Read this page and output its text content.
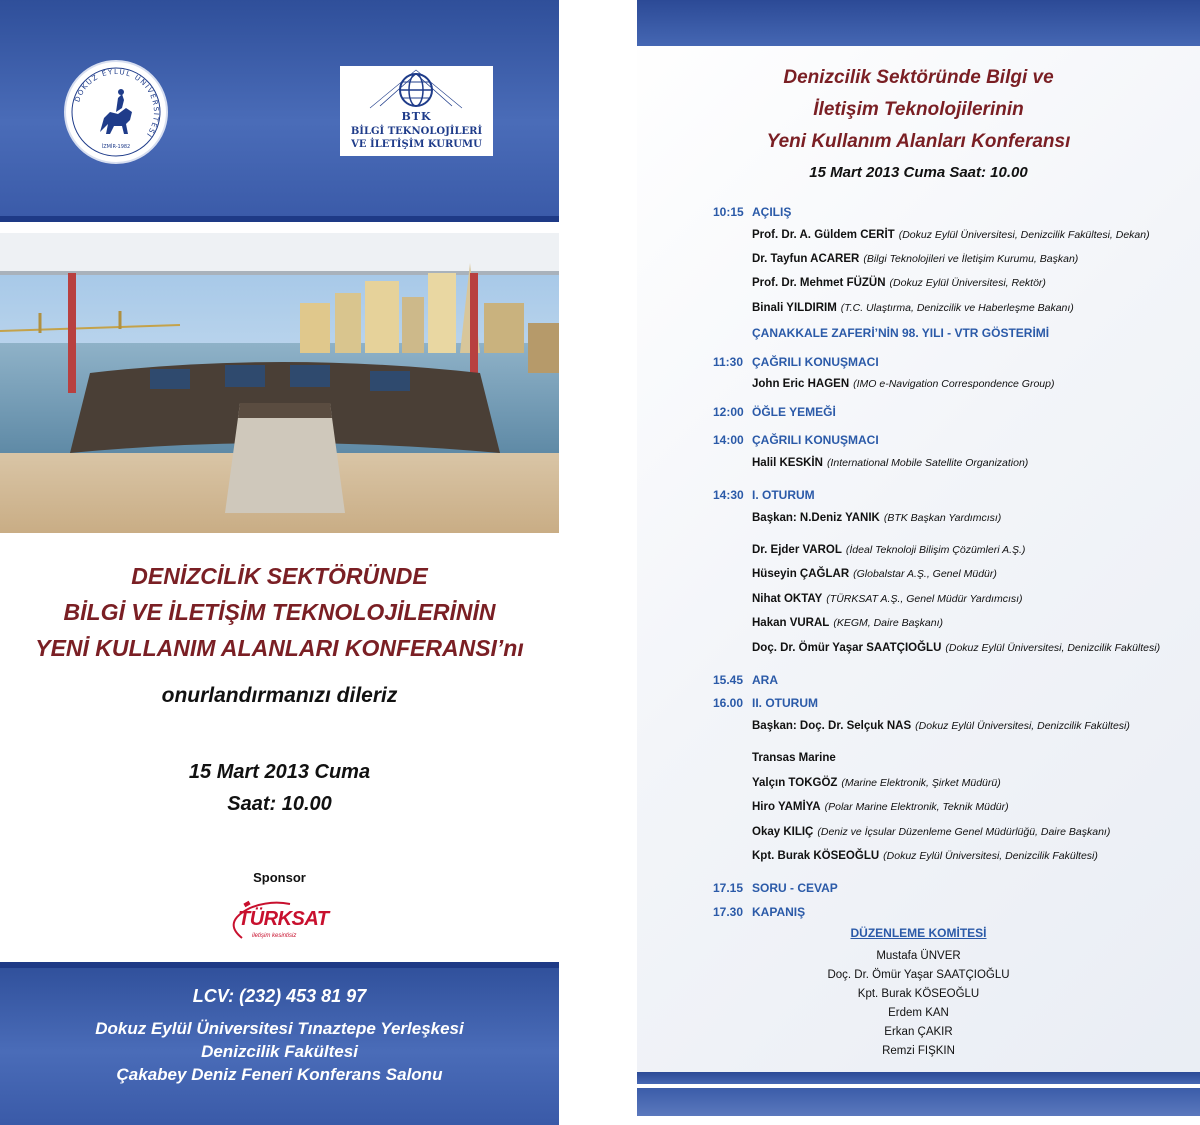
DOKUZ EYLÜL ÜNİVERSİTESİ
İZMİR-1982
BTK
BİLGİ TEKNOLOJİLERİ
VE İLETİŞİM KURUMU
DENİZCİLİK SEKTÖRÜNDE
BİLGİ VE İLETİŞİM TEKNOLOJİLERİNİN
YENİ KULLANIM ALANLARI KONFERANSI’nı
onurlandırmanızı dileriz
15 Mart 2013 Cuma
Saat: 10.00
Sponsor
TÜRKSAT
iletişim kesintisiz
LCV: (232) 453 81 97
Dokuz Eylül Üniversitesi Tınaztepe Yerleşkesi
Denizcilik Fakültesi
Çakabey Deniz Feneri Konferans Salonu
Denizcilik Sektöründe Bilgi ve
İletişim Teknolojilerinin
Yeni Kullanım Alanları Konferansı
15 Mart 2013 Cuma Saat: 10.00
10:15 AÇILIŞ
Prof. Dr. A. Güldem CERİT (Dokuz Eylül Üniversitesi, Denizcilik Fakültesi, Dekan)
Dr. Tayfun ACARER (Bilgi Teknolojileri ve İletişim Kurumu, Başkan)
Prof. Dr. Mehmet FÜZÜN (Dokuz Eylül Üniversitesi, Rektör)
Binali YILDIRIM (T.C. Ulaştırma, Denizcilik ve Haberleşme Bakanı)
ÇANAKKALE ZAFERİ’NİN 98. YILI - VTR GÖSTERİMİ
11:30 ÇAĞRILI KONUŞMACI
John Eric HAGEN (IMO e-Navigation Correspondence Group)
12:00 ÖĞLE YEMEĞİ
14:00 ÇAĞRILI KONUŞMACI
Halil KESKİN (International Mobile Satellite Organization)
14:30 I. OTURUM
Başkan: N.Deniz YANIK (BTK Başkan Yardımcısı)
Dr. Ejder VAROL (İdeal Teknoloji Bilişim Çözümleri A.Ş.)
Hüseyin ÇAĞLAR (Globalstar A.Ş., Genel Müdür)
Nihat OKTAY (TÜRKSAT A.Ş., Genel Müdür Yardımcısı)
Hakan VURAL (KEGM, Daire Başkanı)
Doç. Dr. Ömür Yaşar SAATÇIOĞLU (Dokuz Eylül Üniversitesi, Denizcilik Fakültesi)
15.45 ARA
16.00 II. OTURUM
Başkan: Doç. Dr. Selçuk NAS (Dokuz Eylül Üniversitesi, Denizcilik Fakültesi)
Transas Marine
Yalçın TOKGÖZ (Marine Elektronik, Şirket Müdürü)
Hiro YAMİYA (Polar Marine Elektronik, Teknik Müdür)
Okay KILIÇ (Deniz ve İçsular Düzenleme Genel Müdürlüğü, Daire Başkanı)
Kpt. Burak KÖSEOĞLU (Dokuz Eylül Üniversitesi, Denizcilik Fakültesi)
17.15 SORU - CEVAP
17.30 KAPANIŞ
DÜZENLEME KOMİTESİ
Mustafa ÜNVER
Doç. Dr. Ömür Yaşar SAATÇIOĞLU
Kpt. Burak KÖSEOĞLU
Erdem KAN
Erkan ÇAKIR
Remzi FIŞKIN
